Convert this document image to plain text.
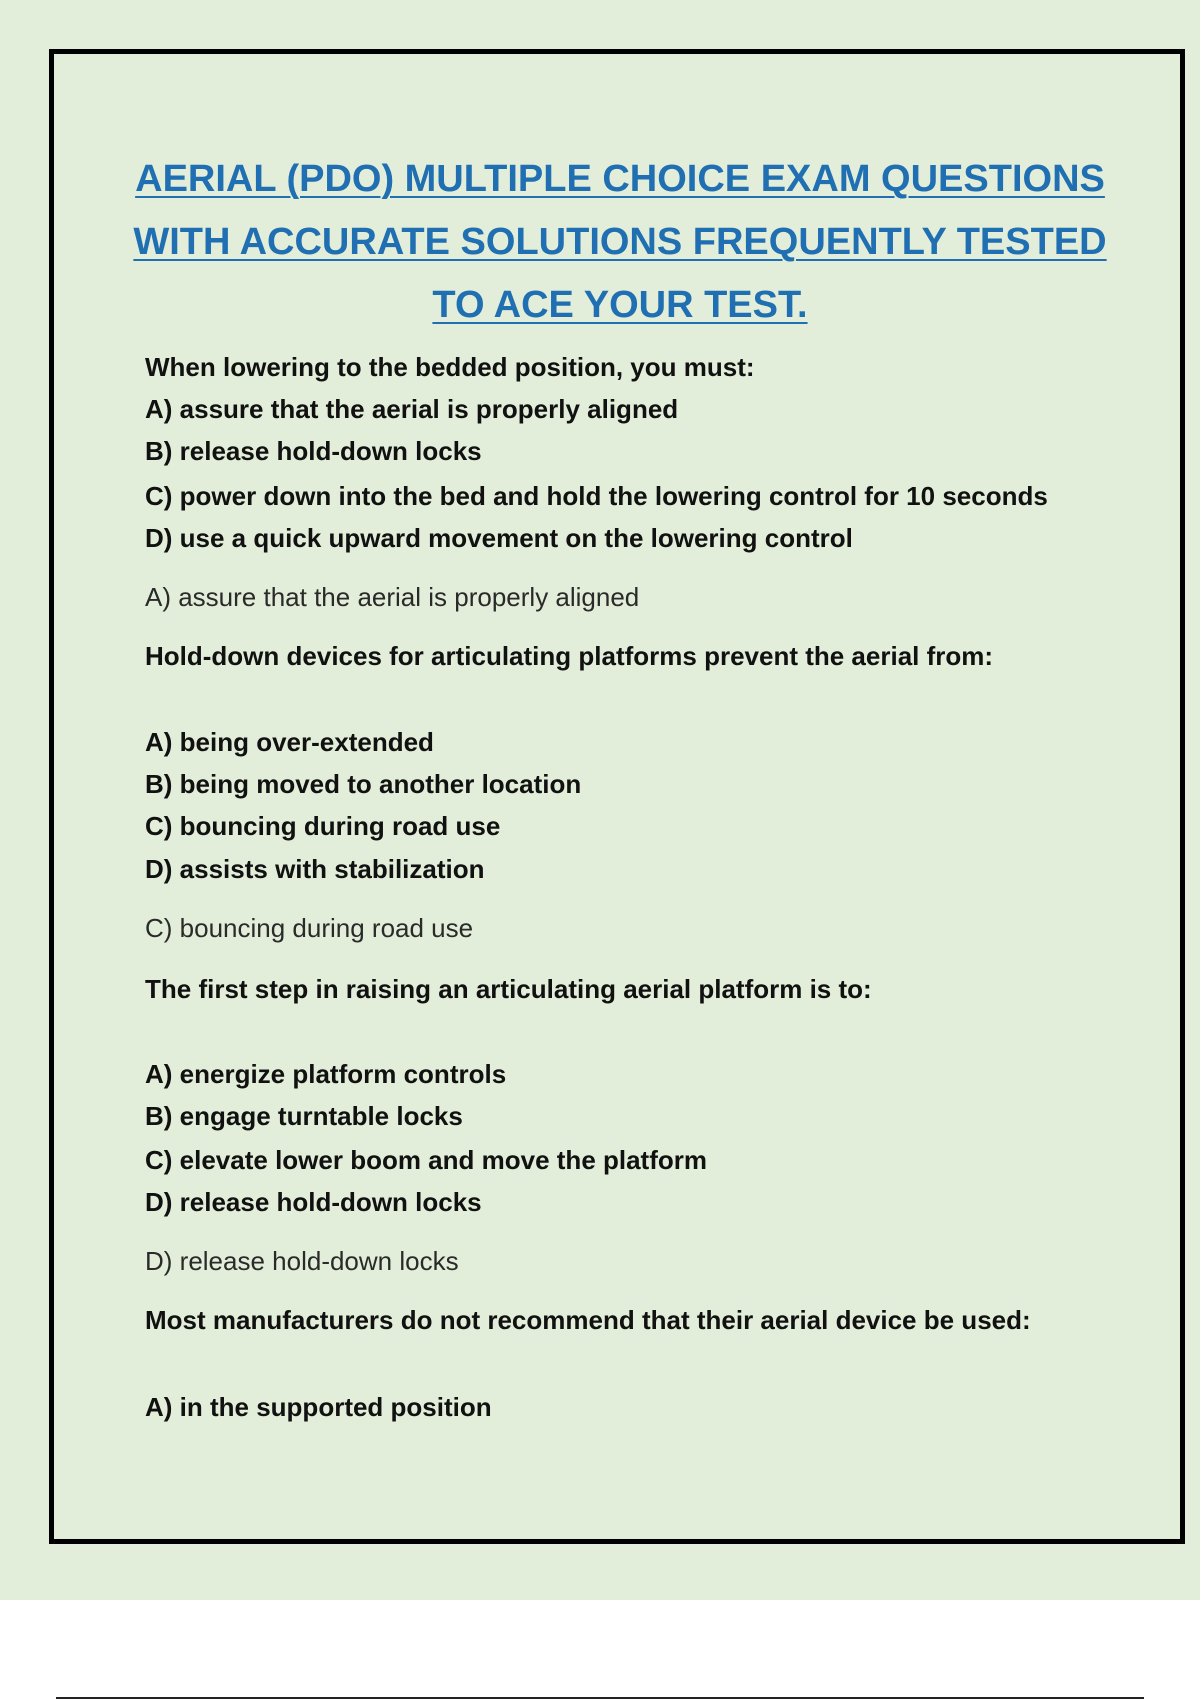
AERIAL (PDO) MULTIPLE CHOICE EXAM QUESTIONS
WITH ACCURATE SOLUTIONS FREQUENTLY TESTED
TO ACE YOUR TEST.

When lowering to the bedded position, you must:

A) assure that the aerial is properly aligned

B) release hold-down locks

C) power down into the bed and hold the lowering control for 10 seconds

D) use a quick upward movement on the lowering control

A) assure that the aerial is properly aligned

Hold-down devices for articulating platforms prevent the aerial from:

A) being over-extended

B) being moved to another location

C) bouncing during road use

D) assists with stabilization

C) bouncing during road use

The first step in raising an articulating aerial platform is to:

A) energize platform controls

B) engage turntable locks

C) elevate lower boom and move the platform

D) release hold-down locks

D) release hold-down locks

Most manufacturers do not recommend that their aerial device be used:

A) in the supported position
